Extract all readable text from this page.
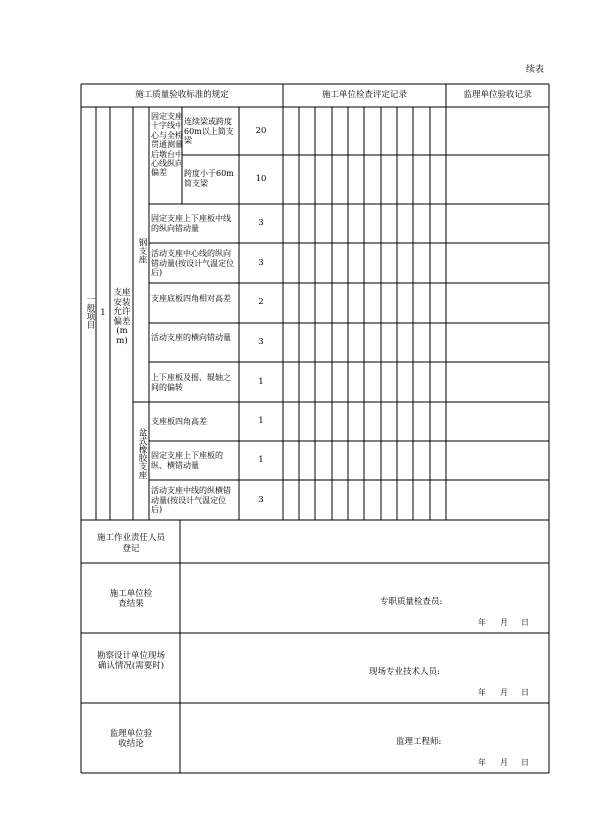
续表
施工质量验收标准的规定	施工单位检查评定记录	监理单位验收记录
一般项目 1
支座安装允许偏差(mm)
钢支座
盆式橡胶支座
固定支座十字线中心与全桥贯通测量后墩台中心线纵向偏差
连续梁或跨度60m以上简支梁
跨度小于60m简支梁
固定支座上下座板中线的纵向错动量
活动支座中心线的纵向错动量(按设计气温定位后)
支座底板四角相对高差
活动支座的横向错动量
上下座板及摇、辊轴之间的偏转
支座板四角高差
固定支座上下座板的纵、横错动量
活动支座中线的纵横错动量(按设计气温定位后)
20
10
3
3
2
3
1
1
1
3
施工作业责任人员登记
施工单位检查结果
勘察设计单位现场确认情况(需要时)
监理单位验收结论
专职质量检查员:
现场专业技术人员:
监理工程师:
年 月 日
年 月 日
年 月 日
